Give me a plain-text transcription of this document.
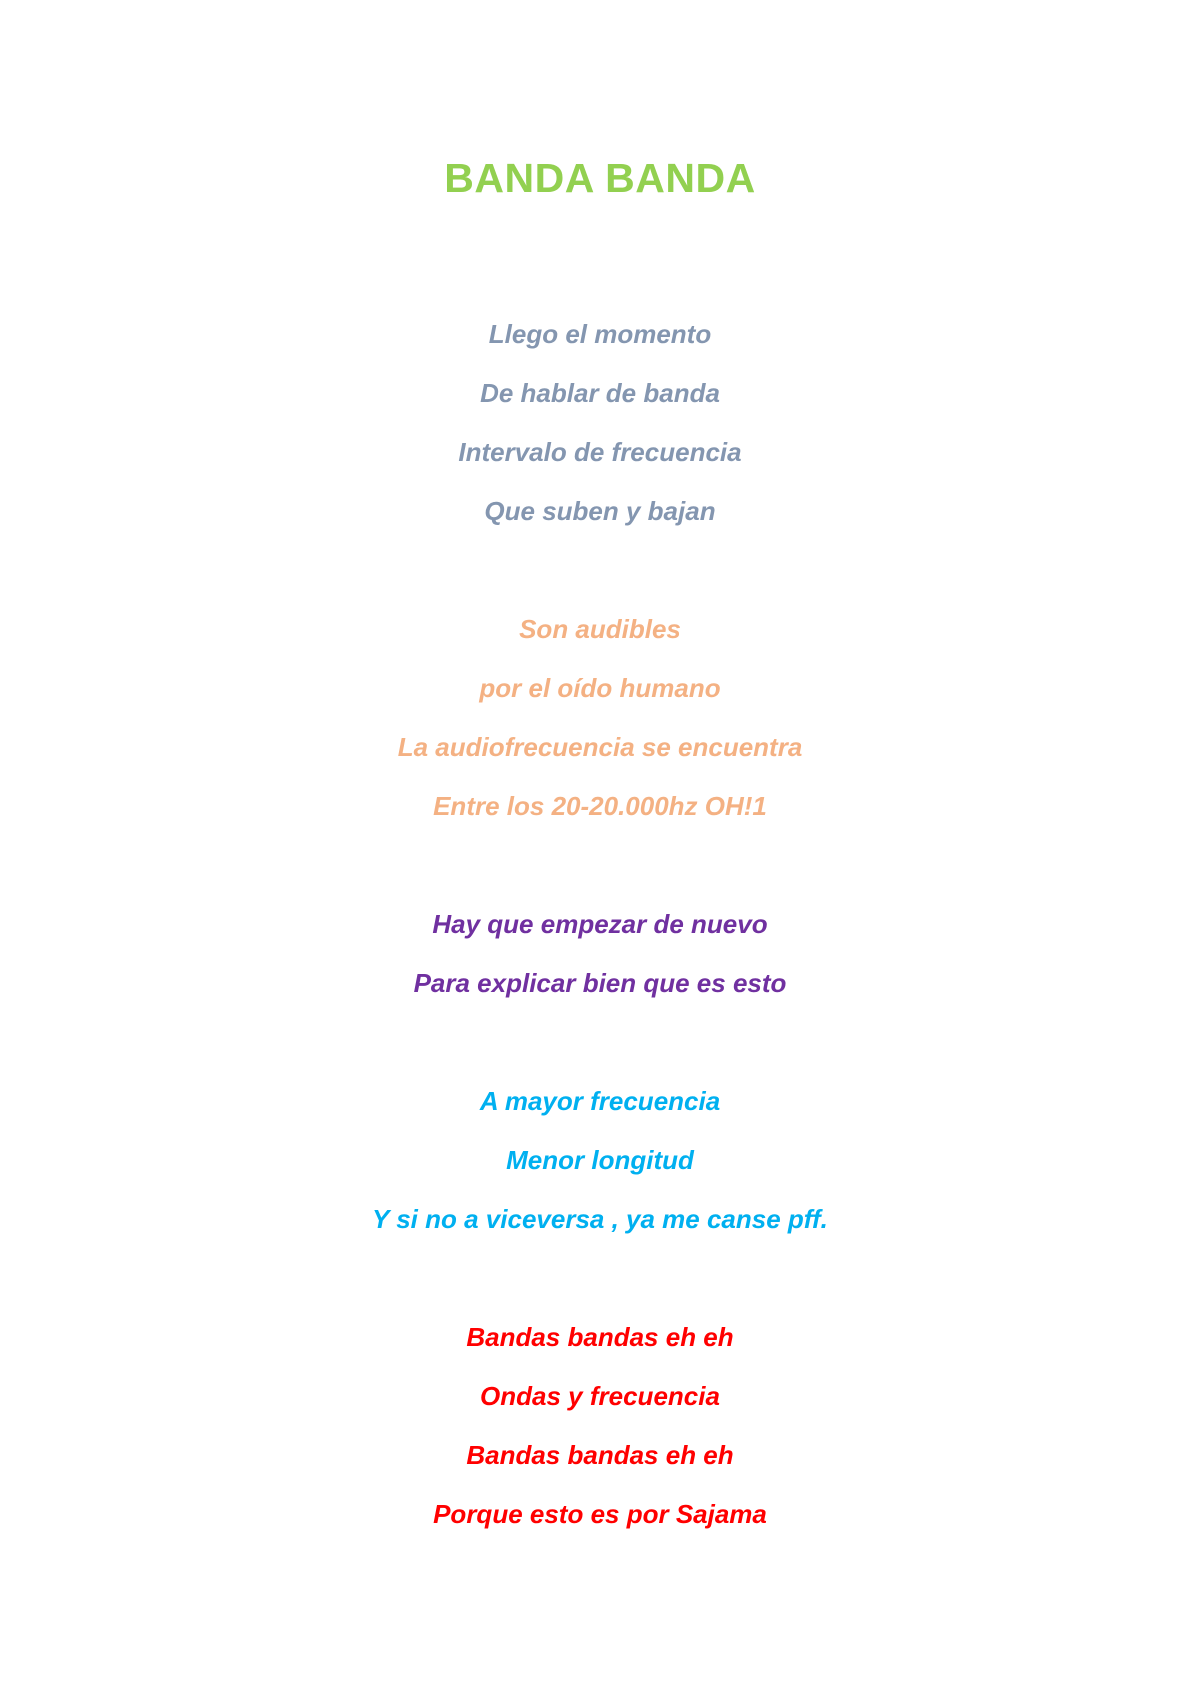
BANDA BANDA
Llego el momento
De hablar de banda
Intervalo de frecuencia
Que suben y bajan
Son audibles
por el oído humano
La audiofrecuencia se encuentra
Entre los 20-20.000hz OH!1
Hay que empezar de nuevo
Para explicar bien que es esto
A mayor frecuencia
Menor longitud
Y si no a viceversa , ya me canse pff.
Bandas bandas eh eh
Ondas y frecuencia
Bandas bandas eh eh
Porque esto es por Sajama
